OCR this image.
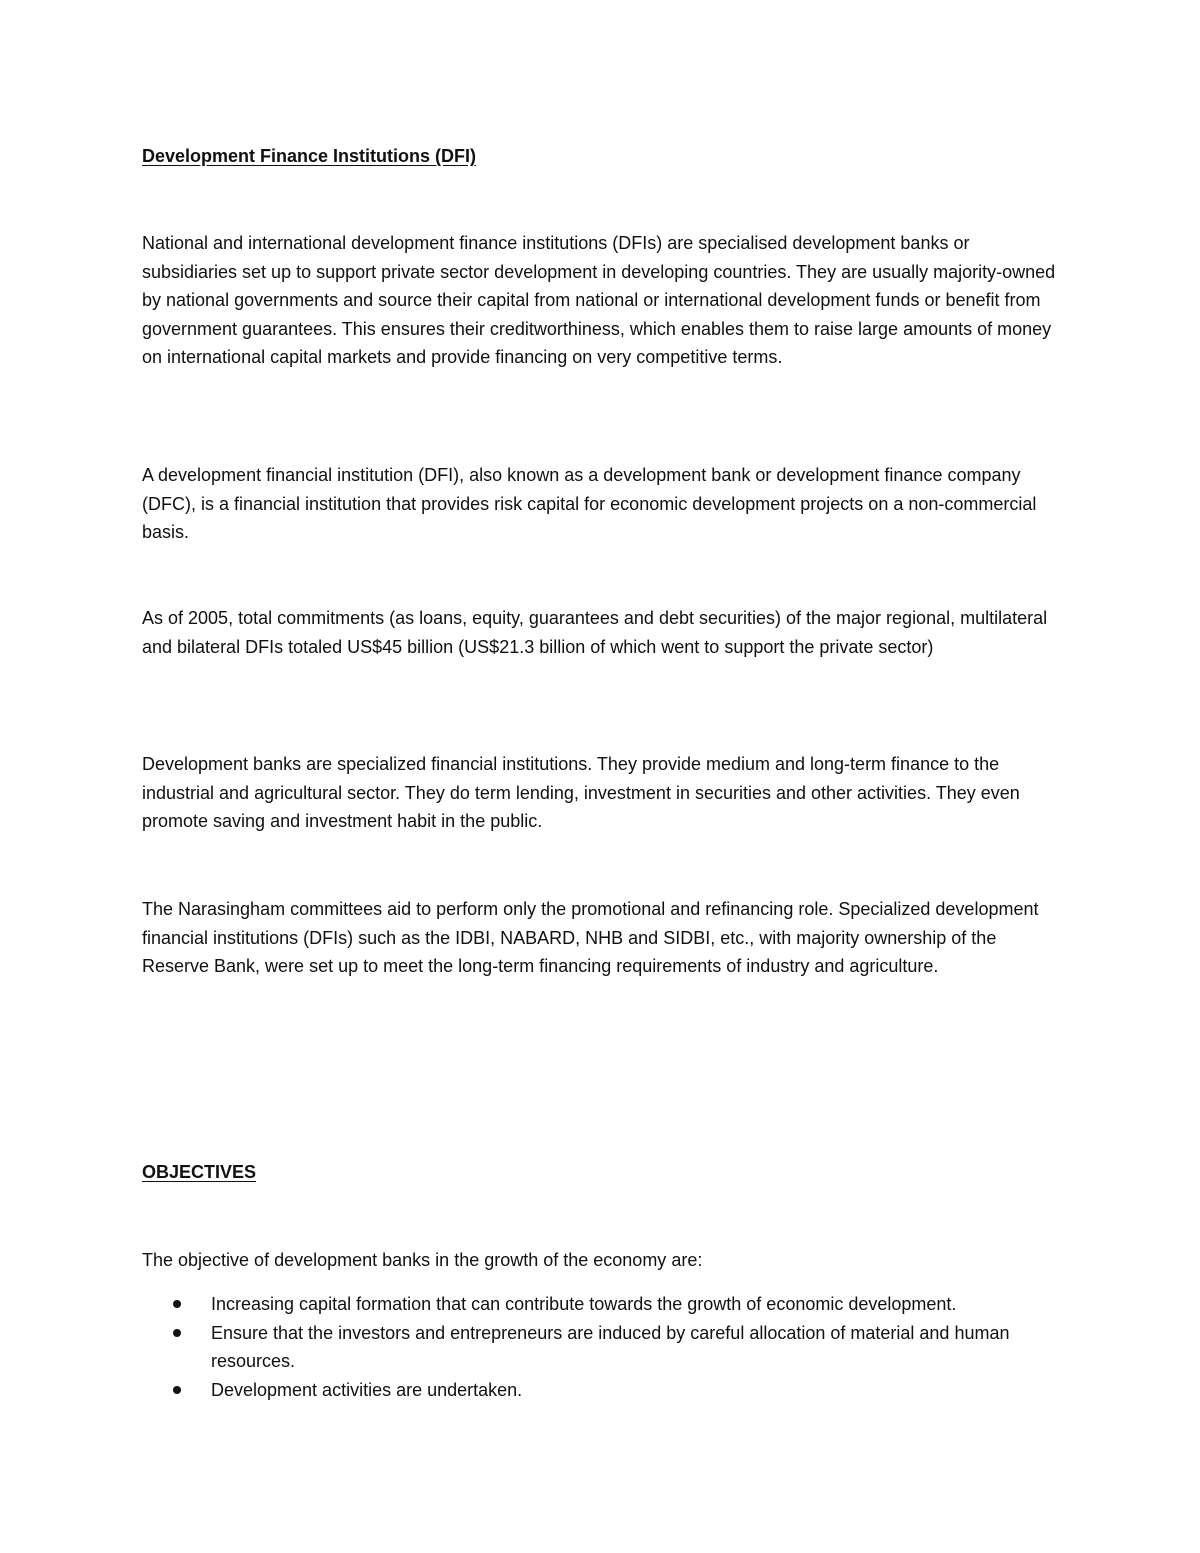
Development Finance Institutions (DFI)

National and international development finance institutions (DFIs) are specialised development banks or subsidiaries set up to support private sector development in developing countries. They are usually majority-owned by national governments and source their capital from national or international development funds or benefit from government guarantees. This ensures their creditworthiness, which enables them to raise large amounts of money on international capital markets and provide financing on very competitive terms.

A development financial institution (DFI), also known as a development bank or development finance company (DFC), is a financial institution that provides risk capital for economic development projects on a non-commercial basis.

As of 2005, total commitments (as loans, equity, guarantees and debt securities) of the major regional, multilateral and bilateral DFIs totaled US$45 billion (US$21.3 billion of which went to support the private sector)

Development banks are specialized financial institutions. They provide medium and long-term finance to the industrial and agricultural sector. They do term lending, investment in securities and other activities. They even promote saving and investment habit in the public.

The Narasingham committees aid to perform only the promotional and refinancing role. Specialized development financial institutions (DFIs) such as the IDBI, NABARD, NHB and SIDBI, etc., with majority ownership of the Reserve Bank, were set up to meet the long-term financing requirements of industry and agriculture.

OBJECTIVES

The objective of development banks in the growth of the economy are:

Increasing capital formation that can contribute towards the growth of economic development.
Ensure that the investors and entrepreneurs are induced by careful allocation of material and human resources.
Development activities are undertaken.
